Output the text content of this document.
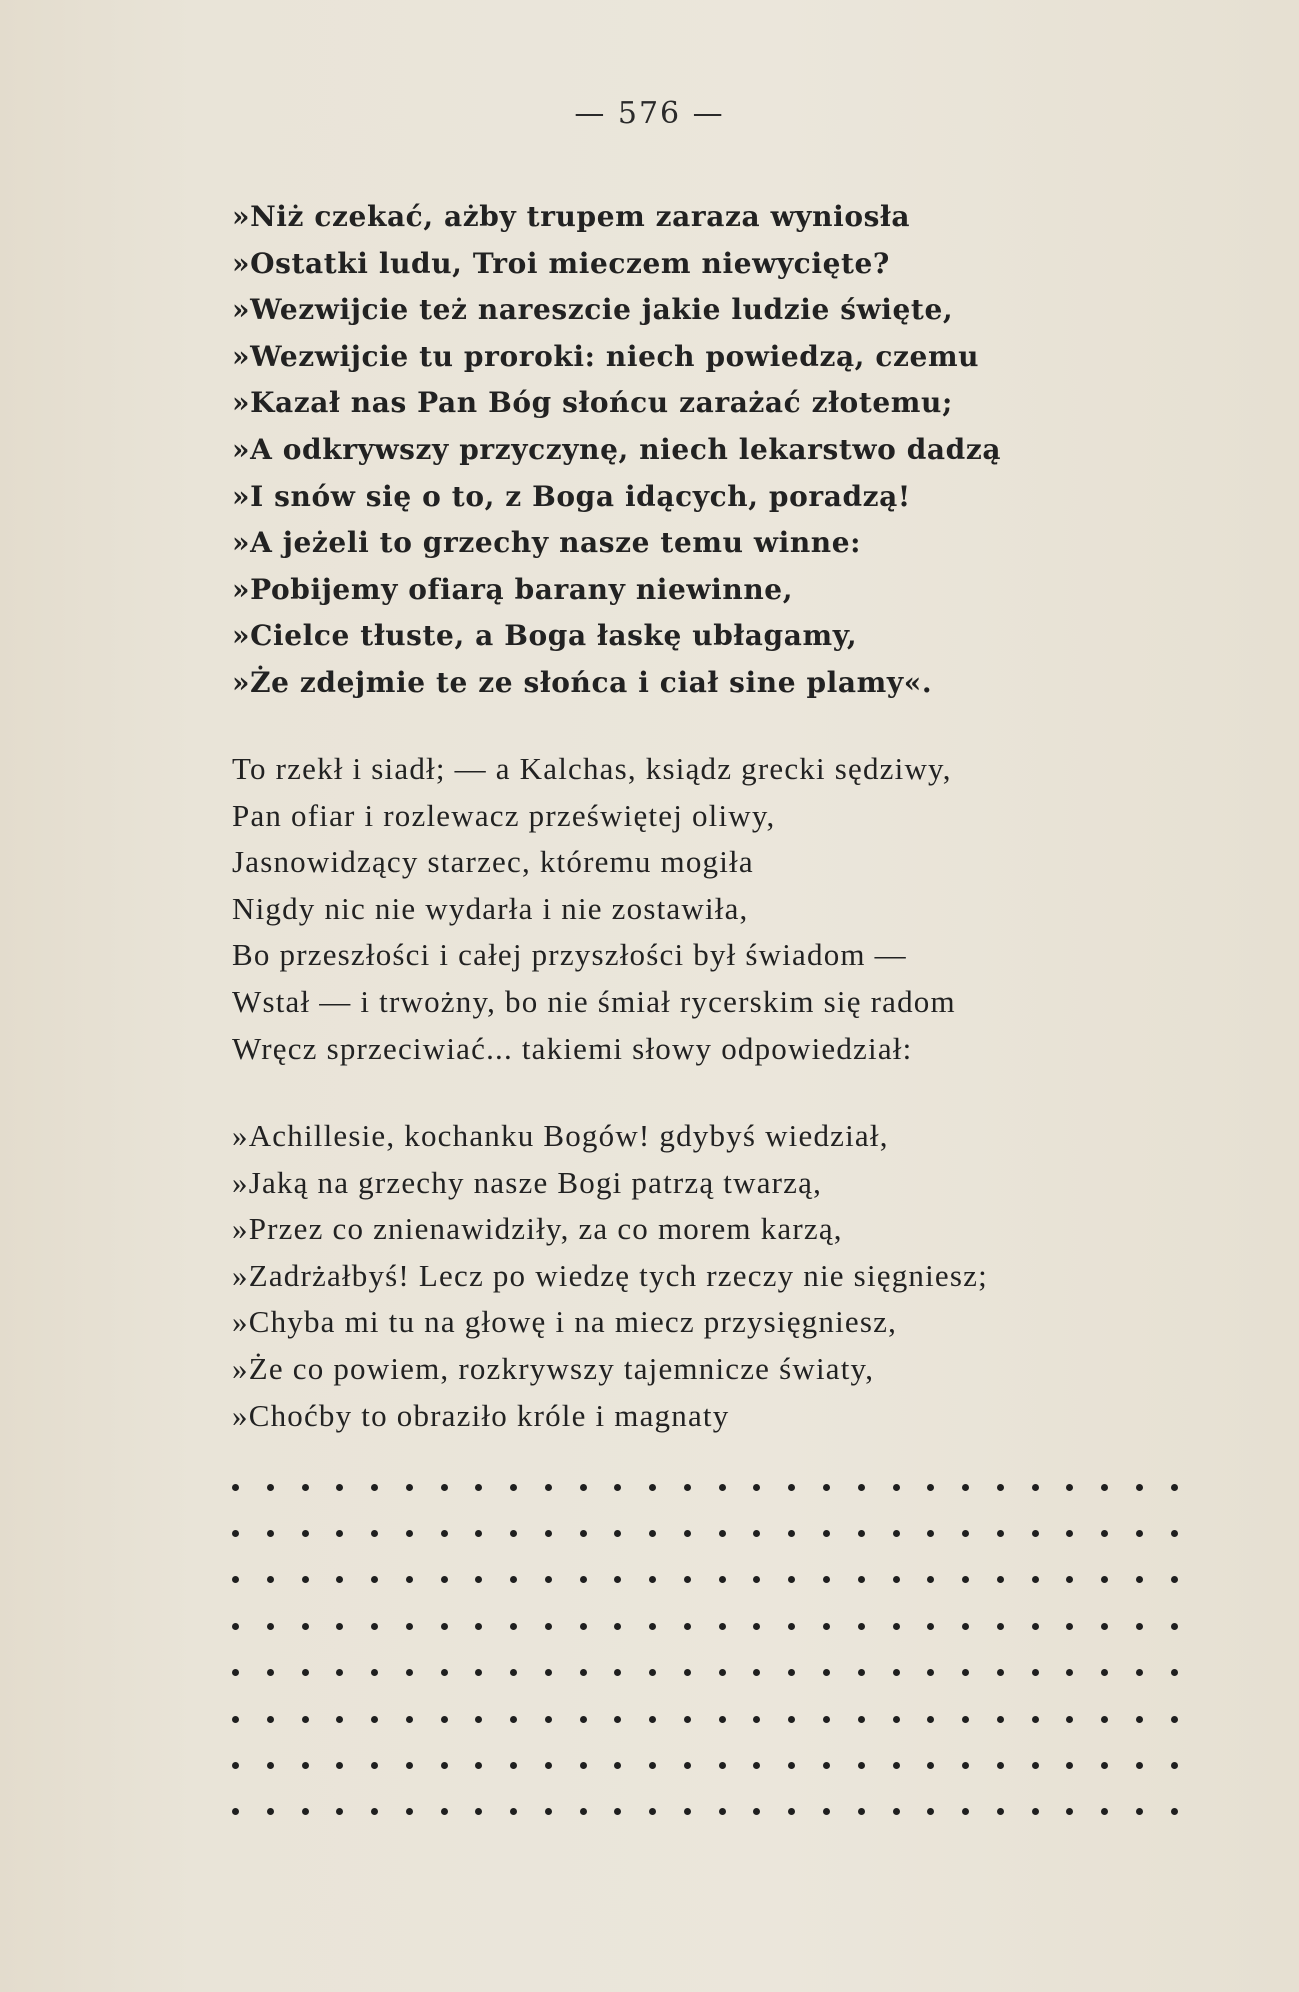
— 576 —
»Niż czekać, ażby trupem zaraza wyniosła
»Ostatki ludu, Troi mieczem niewycięte?
»Wezwijcie też nareszcie jakie ludzie święte,
»Wezwijcie tu proroki: niech powiedzą, czemu
»Kazał nas Pan Bóg słońcu zarażać złotemu;
»A odkrywszy przyczynę, niech lekarstwo dadzą
»I snów się o to, z Boga idących, poradzą!
»A jeżeli to grzechy nasze temu winne:
»Pobijemy ofiarą barany niewinne,
»Cielce tłuste, a Boga łaskę ubłagamy,
»Że zdejmie te ze słońca i ciał sine plamy«.
To rzekł i siadł; — a Kalchas, ksiądz grecki sędziwy,
Pan ofiar i rozlewacz przeświętej oliwy,
Jasnowidzący starzec, któremu mogiła
Nigdy nic nie wydarła i nie zostawiła,
Bo przeszłości i całej przyszłości był świadom —
Wstał — i trwożny, bo nie śmiał rycerskim się radom
Wręcz sprzeciwiać... takiemi słowy odpowiedział:
»Achillesie, kochanku Bogów! gdybyś wiedział,
»Jaką na grzechy nasze Bogi patrzą twarzą,
»Przez co znienawidziły, za co morem karzą,
»Zadrżałbyś! Lecz po wiedzę tych rzeczy nie sięgniesz;
»Chyba mi tu na głowę i na miecz przysięgniesz,
»Że co powiem, rozkrywszy tajemnicze światy,
»Choćby to obraziło króle i magnaty
